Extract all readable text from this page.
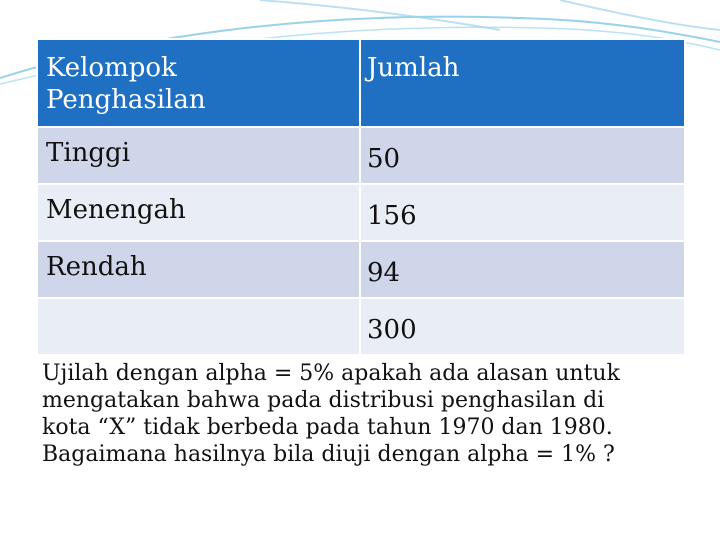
Kelompok
Penghasilan	Jumlah
Tinggi	50
Menengah	156
Rendah	94
	300
Ujilah dengan alpha = 5% apakah ada alasan untuk
mengatakan bahwa pada distribusi penghasilan di
kota “X” tidak berbeda pada tahun 1970 dan 1980.
Bagaimana hasilnya bila diuji dengan alpha = 1% ?
